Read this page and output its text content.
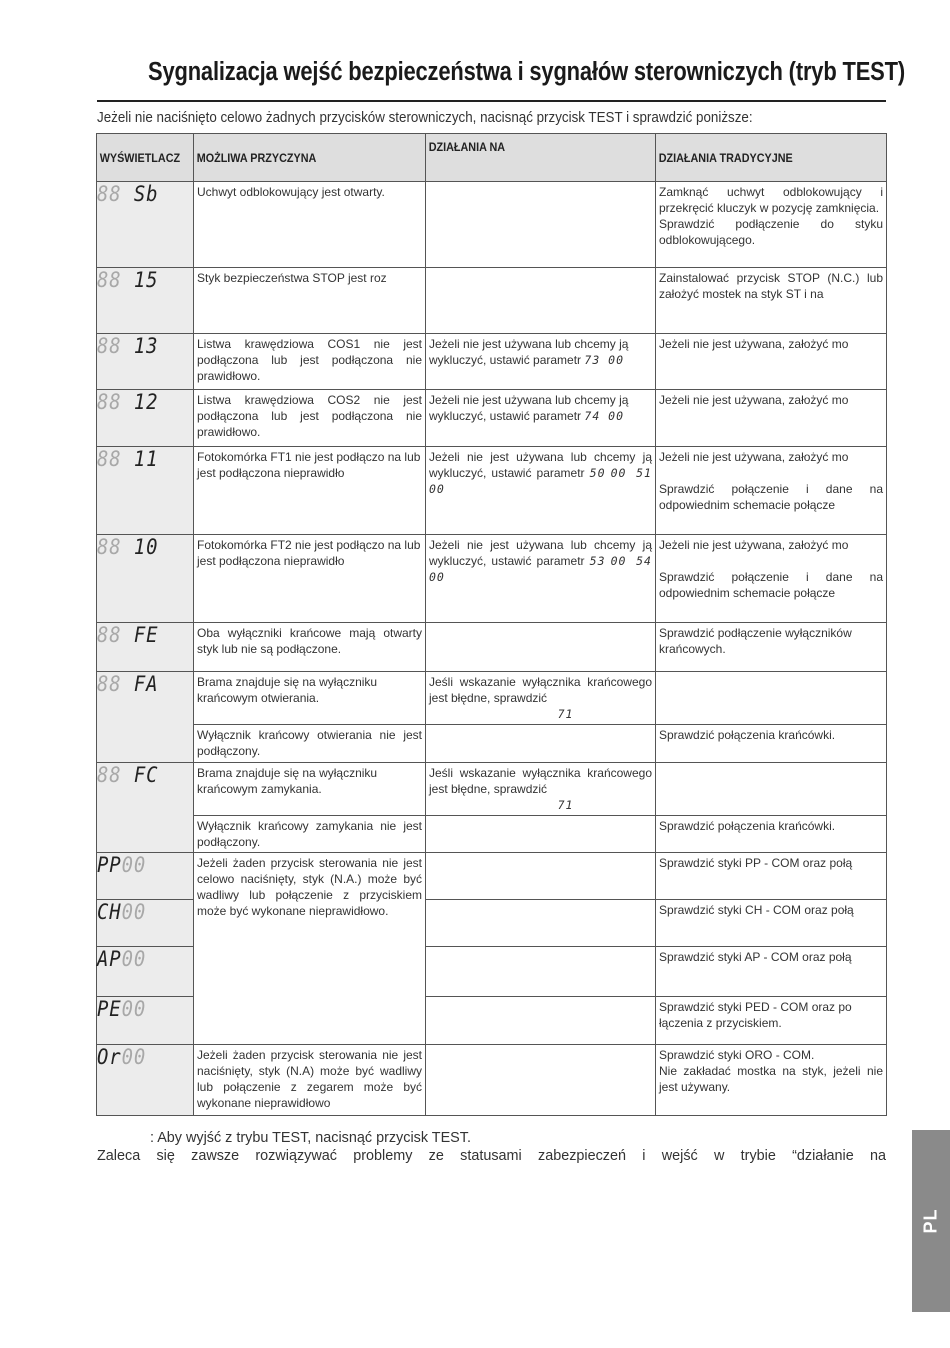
Sygnalizacja wejść bezpieczeństwa i sygnałów sterowniczych (tryb TEST)
Jeżeli nie naciśnięto celowo żadnych przycisków sterowniczych, nacisnąć przycisk TEST i sprawdzić poniższe:
WYŚWIETLACZ	MOŻLIWA PRZYCZYNA	DZIAŁANIA NA	DZIAŁANIA TRADYCYJNE

88 Sb	Uchwyt odblokowujący jest otwarty.		Zamknąć uchwyt odblokowujący i przekręcić kluczyk w pozycję zamknięcia.
Sprawdzić podłączenie do styku odblokowującego.

88 15	Styk bezpieczeństwa STOP jest roz		Zainstalować przycisk STOP (N.C.) lub założyć mostek na styk ST i na

88 13	Listwa krawędziowa COS1 nie jest podłączona lub jest podłączona nie prawidłowo.	Jeżeli nie jest używana lub chcemy ją wykluczyć, ustawić parametr 73 00	Jeżeli nie jest używana, założyć mo

88 12	Listwa krawędziowa COS2 nie jest podłączona lub jest podłączona nie prawidłowo.	Jeżeli nie jest używana lub chcemy ją wykluczyć, ustawić parametr 74 00	Jeżeli nie jest używana, założyć mo

88 11	Fotokomórka FT1 nie jest podłączo na lub jest podłączona nieprawidło	Jeżeli nie jest używana lub chcemy ją wykluczyć, ustawić parametr 50 00 51 00	Jeżeli nie jest używana, założyć mo
Sprawdzić połączenie i dane na odpowiednim schemacie połącze

88 10	Fotokomórka FT2 nie jest podłączo na lub jest podłączona nieprawidło	Jeżeli nie jest używana lub chcemy ją wykluczyć, ustawić parametr 53 00 54 00	Jeżeli nie jest używana, założyć mo
Sprawdzić połączenie i dane na odpowiednim schemacie połącze

88 FE	Oba wyłączniki krańcowe mają otwarty styk lub nie są podłączone.		Sprawdzić podłączenie wyłączników krańcowych.

88 FA	Brama znajduje się na wyłączniku krańcowym otwierania.	Jeśli wskazanie wyłącznika krańcowego jest błędne, sprawdzić

71	

	Wyłącznik krańcowy otwierania nie jest podłączony.		Sprawdzić połączenia krańcówki.

88 FC	Brama znajduje się na wyłączniku krańcowym zamykania.	Jeśli wskazanie wyłącznika krańcowego jest błędne, sprawdzić

71	

	Wyłącznik krańcowy zamykania nie jest podłączony.		Sprawdzić połączenia krańcówki.

PP00	Jeżeli żaden przycisk sterowania nie jest celowo naciśnięty, styk (N.A.) może być wadliwy lub połączenie z przyciskiem może być wykonane nieprawidłowo.		Sprawdzić styki PP - COM oraz połą

CH00			Sprawdzić styki CH - COM oraz połą

AP00			Sprawdzić styki AP - COM oraz połą

PE00			Sprawdzić styki PED - COM oraz po łączenia z przyciskiem.

Or00	Jeżeli żaden przycisk sterowania nie jest naciśnięty, styk (N.A) może być wadliwy lub połączenie z zegarem może być wykonane nieprawidłowo		Sprawdzić styki ORO - COM.
Nie zakładać mostka na styk, jeżeli nie jest używany.
: Aby wyjść z trybu TEST, nacisnąć przycisk TEST.
Zaleca się zawsze rozwiązywać problemy ze statusami zabezpieczeń i wejść w trybie “działanie na
PL
